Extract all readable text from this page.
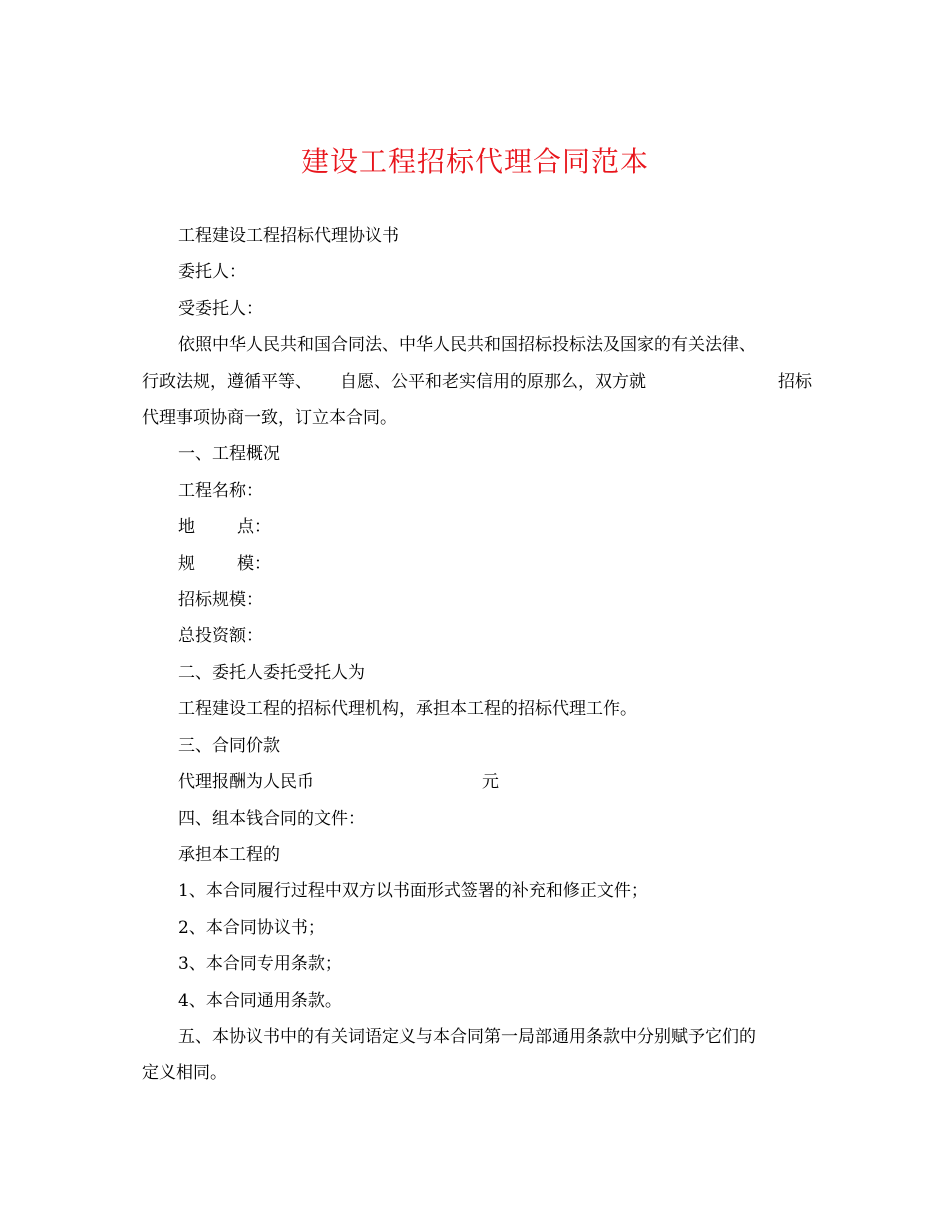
建设工程招标代理合同范本

工程建设工程招标代理协议书

委托人：

受委托人：

依照中华人民共和国合同法、中华人民共和国招标投标法及国家的有关法律、

行政法规，遵循平等、 自愿、公平和老实信用的原那么，双方就	招标

代理事项协商一致，订立本合同。

一、工程概况

工程名称：

地 点：

规 模：

招标规模：

总投资额：

二、委托人委托受托人为

工程建设工程的招标代理机构，承担本工程的招标代理工作。

三、合同价款

代理报酬为人民币	元

四、组本钱合同的文件：

承担本工程的

1、本合同履行过程中双方以书面形式签署的补充和修正文件；

2、本合同协议书；

3、本合同专用条款；

4、本合同通用条款。

五、本协议书中的有关词语定义与本合同第一局部通用条款中分别赋予它们的

定义相同。
